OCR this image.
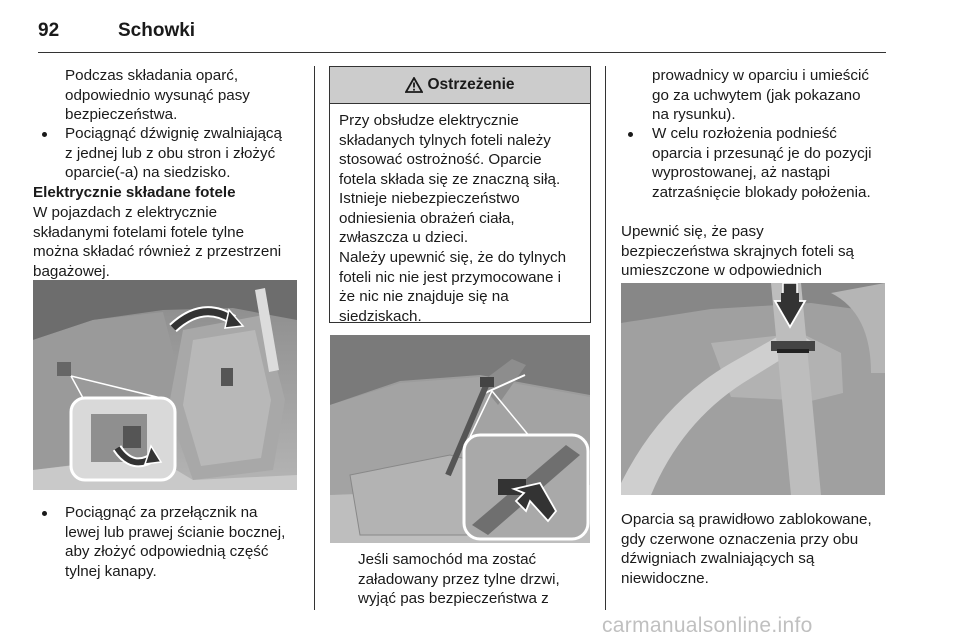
92	Schowki
Podczas składania oparć,
odpowiednio wysunąć pasy
bezpieczeństwa.
Pociągnąć dźwignię zwalniającą
z jednej lub z obu stron i złożyć
oparcie(-a) na siedzisko.
Elektrycznie składane fotele
W pojazdach z elektrycznie
składanymi fotelami fotele tylne
można składać również z przestrzeni
bagażowej.
Pociągnąć za przełącznik na
lewej lub prawej ścianie bocznej,
aby złożyć odpowiednią część
tylnej kanapy.
Ostrzeżenie
Przy obsłudze elektrycznie
składanych tylnych foteli należy
stosować ostrożność. Oparcie
fotela składa się ze znaczną siłą.
Istnieje niebezpieczeństwo
odniesienia obrażeń ciała,
zwłaszcza u dzieci.
Należy upewnić się, że do tylnych
foteli nic nie jest przymocowane i
że nic nie znajduje się na
siedziskach.
Jeśli samochód ma zostać
załadowany przez tylne drzwi,
wyjąć pas bezpieczeństwa z
prowadnicy w oparciu i umieścić
go za uchwytem (jak pokazano
na rysunku).
W celu rozłożenia podnieść
oparcia i przesunąć je do pozycji
wyprostowanej, aż nastąpi
zatrzaśnięcie blokady położenia.
Upewnić się, że pasy
bezpieczeństwa skrajnych foteli są
umieszczone w odpowiednich

Oparcia są prawidłowo zablokowane,
gdy czerwone oznaczenia przy obu
dźwigniach zwalniających są
niewidoczne.
carmanualsonline.info
